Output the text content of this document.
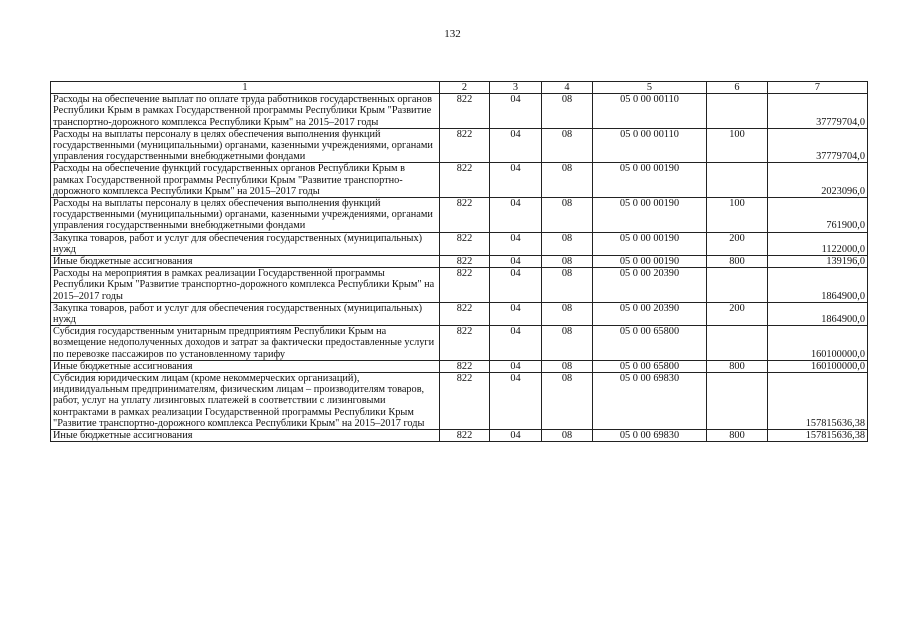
132
1	2	3	4	5	6	7
Расходы на обеспечение выплат по оплате труда работников государственных органов Республики Крым в рамках Государственной программы Республики Крым "Развитие транспортно-дорожного комплекса Республики Крым" на 2015–2017 годы	822	04	08	05 0 00 00110		37779704,0
Расходы на выплаты персоналу в целях обеспечения выполнения функций государственными (муниципальными) органами, казенными учреждениями, органами управления государственными внебюджетными фондами	822	04	08	05 0 00 00110	100	37779704,0
Расходы на обеспечение функций государственных органов Республики Крым в рамках Государственной программы Республики Крым "Развитие транспортно-дорожного комплекса Республики Крым" на 2015–2017 годы	822	04	08	05 0 00 00190		2023096,0
Расходы на выплаты персоналу в целях обеспечения выполнения функций государственными (муниципальными) органами, казенными учреждениями, органами управления государственными внебюджетными фондами	822	04	08	05 0 00 00190	100	761900,0
Закупка товаров, работ и услуг для обеспечения государственных (муниципальных) нужд	822	04	08	05 0 00 00190	200	1122000,0
Иные бюджетные ассигнования	822	04	08	05 0 00 00190	800	139196,0
Расходы на мероприятия в рамках реализации Государственной программы Республики Крым "Развитие транспортно-дорожного комплекса Республики Крым" на 2015–2017 годы	822	04	08	05 0 00 20390		1864900,0
Закупка товаров, работ и услуг для обеспечения государственных (муниципальных) нужд	822	04	08	05 0 00 20390	200	1864900,0
Субсидия государственным унитарным предприятиям Республики Крым на возмещение недополученных доходов и затрат за фактически предоставленные услуги по перевозке пассажиров по установленному тарифу	822	04	08	05 0 00 65800		160100000,0
Иные бюджетные ассигнования	822	04	08	05 0 00 65800	800	160100000,0
Субсидия юридическим лицам (кроме некоммерческих организаций), индивидуальным предпринимателям, физическим лицам – производителям товаров, работ, услуг на уплату лизинговых платежей в соответствии с лизинговыми контрактами в рамках реализации Государственной программы Республики Крым "Развитие транспортно-дорожного комплекса Республики Крым" на 2015–2017 годы	822	04	08	05 0 00 69830		157815636,38
Иные бюджетные ассигнования	822	04	08	05 0 00 69830	800	157815636,38
